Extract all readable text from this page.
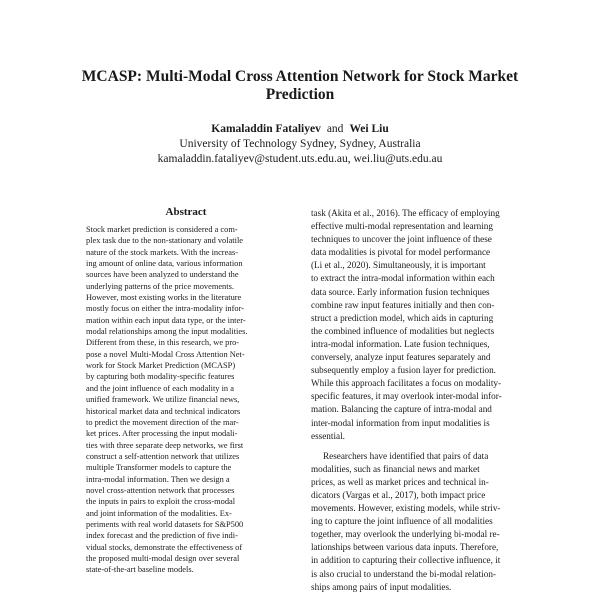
MCASP: Multi-Modal Cross Attention Network for Stock Market
Prediction
Kamaladdin Fataliyev and Wei Liu
University of Technology Sydney, Sydney, Australia
kamaladdin.fataliyev@student.uts.edu.au, wei.liu@uts.edu.au
Abstract
Stock market prediction is considered a com-
plex task due to the non-stationary and volatile
nature of the stock markets. With the increas-
ing amount of online data, various information
sources have been analyzed to understand the
underlying patterns of the price movements.
However, most existing works in the literature
mostly focus on either the intra-modality infor-
mation within each input data type, or the inter-
modal relationships among the input modalities.
Different from these, in this research, we pro-
pose a novel Multi-Modal Cross Attention Net-
work for Stock Market Prediction (MCASP)
by capturing both modality-specific features
and the joint influence of each modality in a
unified framework. We utilize financial news,
historical market data and technical indicators
to predict the movement direction of the mar-
ket prices. After processing the input modali-
ties with three separate deep networks, we first
construct a self-attention network that utilizes
multiple Transformer models to capture the
intra-modal information. Then we design a
novel cross-attention network that processes
the inputs in pairs to exploit the cross-modal
and joint information of the modalities. Ex-
periments with real world datasets for S&P500
index forecast and the prediction of five indi-
vidual stocks, demonstrate the effectiveness of
the proposed multi-modal design over several
state-of-the-art baseline models.

task (Akita et al., 2016). The efficacy of employing
effective multi-modal representation and learning
techniques to uncover the joint influence of these
data modalities is pivotal for model performance
(Li et al., 2020). Simultaneously, it is important
to extract the intra-modal information within each
data source. Early information fusion techniques
combine raw input features initially and then con-
struct a prediction model, which aids in capturing
the combined influence of modalities but neglects
intra-modal information. Late fusion techniques,
conversely, analyze input features separately and
subsequently employ a fusion layer for prediction.
While this approach facilitates a focus on modality-
specific features, it may overlook inter-modal infor-
mation. Balancing the capture of intra-modal and
inter-modal information from input modalities is
essential.

Researchers have identified that pairs of data
modalities, such as financial news and market
prices, as well as market prices and technical in-
dicators (Vargas et al., 2017), both impact price
movements. However, existing models, while striv-
ing to capture the joint influence of all modalities
together, may overlook the underlying bi-modal re-
lationships between various data inputs. Therefore,
in addition to capturing their collective influence, it
is also crucial to understand the bi-modal relation-
ships among pairs of input modalities.
